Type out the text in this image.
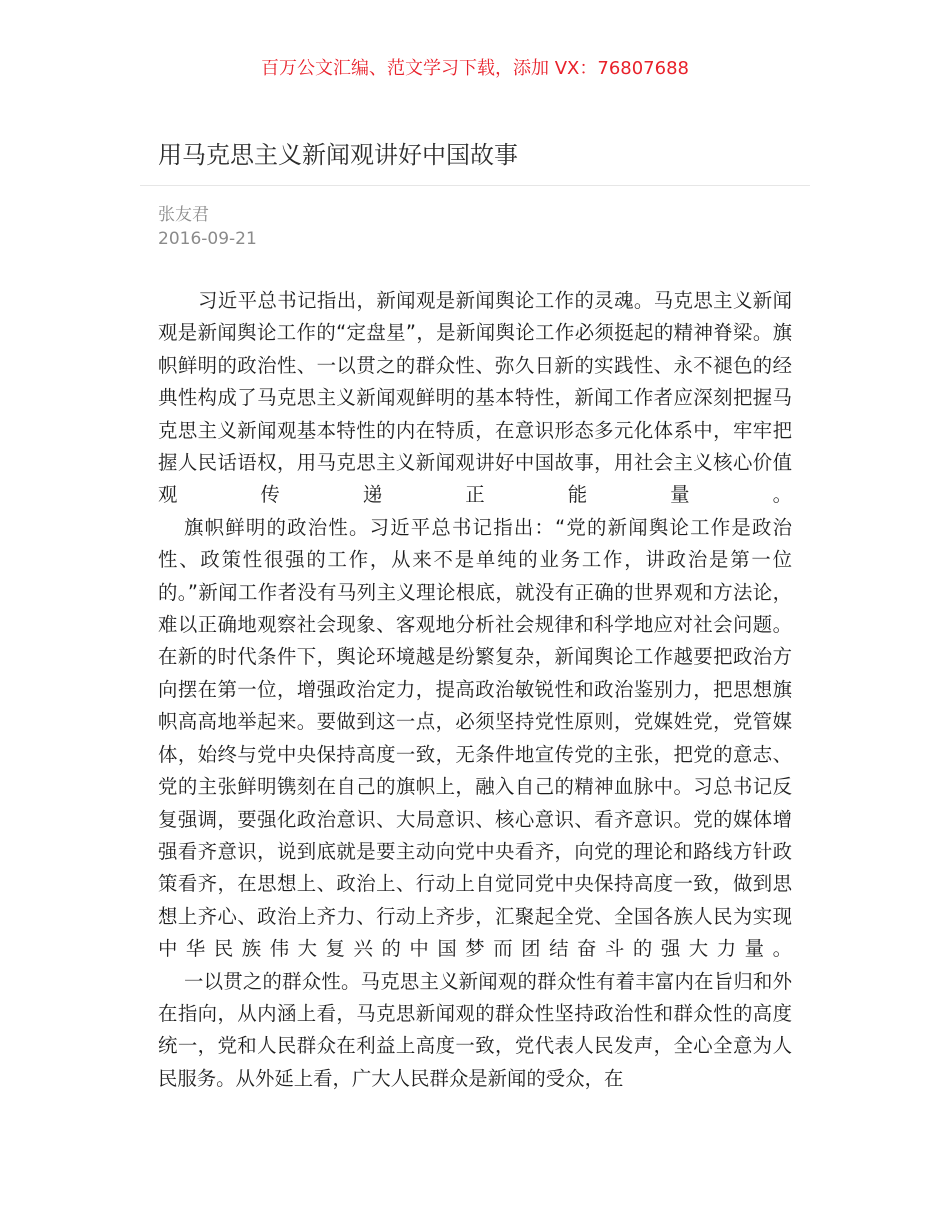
百万公文汇编、范文学习下载，添加 VX：76807688
用马克思主义新闻观讲好中国故事
张友君
2016-09-21

习近平总书记指出，新闻观是新闻舆论工作的灵魂。马克思主义新闻观是新闻舆论工作的“定盘星”，是新闻舆论工作必须挺起的精神脊梁。旗帜鲜明的政治性、一以贯之的群众性、弥久日新的实践性、永不褪色的经典性构成了马克思主义新闻观鲜明的基本特性，新闻工作者应深刻把握马克思主义新闻观基本特性的内在特质，在意识形态多元化体系中，牢牢把握人民话语权，用马克思主义新闻观讲好中国故事，用社会主义核心价值观传递正能量。

旗帜鲜明的政治性。习近平总书记指出：“党的新闻舆论工作是政治性、政策性很强的工作，从来不是单纯的业务工作，讲政治是第一位的。”新闻工作者没有马列主义理论根底，就没有正确的世界观和方法论，难以正确地观察社会现象、客观地分析社会规律和科学地应对社会问题。在新的时代条件下，舆论环境越是纷繁复杂，新闻舆论工作越要把政治方向摆在第一位，增强政治定力，提高政治敏锐性和政治鉴别力，把思想旗帜高高地举起来。要做到这一点，必须坚持党性原则，党媒姓党，党管媒体，始终与党中央保持高度一致，无条件地宣传党的主张，把党的意志、党的主张鲜明镌刻在自己的旗帜上，融入自己的精神血脉中。习总书记反复强调，要强化政治意识、大局意识、核心意识、看齐意识。党的媒体增强看齐意识，说到底就是要主动向党中央看齐，向党的理论和路线方针政策看齐，在思想上、政治上、行动上自觉同党中央保持高度一致，做到思想上齐心、政治上齐力、行动上齐步，汇聚起全党、全国各族人民为实现中华民族伟大复兴的中国梦而团结奋斗的强大力量。

一以贯之的群众性。马克思主义新闻观的群众性有着丰富内在旨归和外在指向，从内涵上看，马克思新闻观的群众性坚持政治性和群众性的高度统一，党和人民群众在利益上高度一致，党代表人民发声，全心全意为人民服务。从外延上看，广大人民群众是新闻的受众，在
